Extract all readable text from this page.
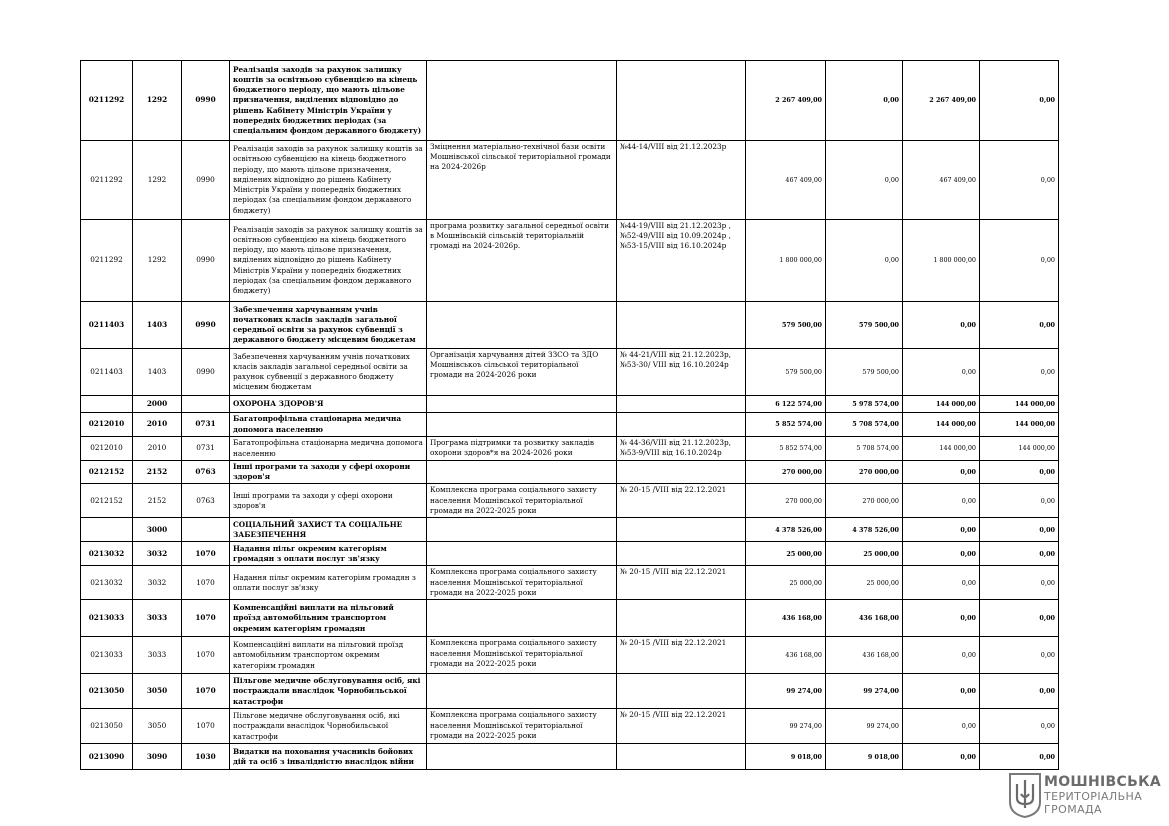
0211292	1292	0990	Реалізація заходів за рахунок залишку коштів за освітньою субвенцією на кінець бюджетного періоду, що мають цільове призначення, виділених відповідно до рішень Кабінету Міністрів України у попередніх бюджетних періодах (за спеціальним фондом державного бюджету)			2 267 409,00	0,00	2 267 409,00	0,00
0211292	1292	0990	Реалізація заходів за рахунок залишку коштів за освітньою субвенцією на кінець бюджетного періоду, що мають цільове призначення, виділених відповідно до рішень Кабінету Міністрів України у попередніх бюджетних періодах (за спеціальним фондом державного бюджету)	Зміцнення матеріально-технічної бази освіти Мошнівської сільської територіальної громади на 2024-2026р	№44-14/VIII від 21.12.2023р	467 409,00	0,00	467 409,00	0,00
0211292	1292	0990	Реалізація заходів за рахунок залишку коштів за освітньою субвенцією на кінець бюджетного періоду, що мають цільове призначення, виділених відповідно до рішень Кабінету Міністрів України у попередніх бюджетних періодах (за спеціальним фондом державного бюджету)	програма розвитку загальної середньої освіти в Мошнівській сільській територіальній громаді на 2024-2026р.	№44-19/VIII від 21.12.2023р ,№52-49/VIII від 10.09.2024р ,№53-15/VIII від 16.10.2024р	1 800 000,00	0,00	1 800 000,00	0,00
0211403	1403	0990	Забезпечення харчуванням учнів початкових класів закладів загальної середньої освіти за рахунок субвенції з державного бюджету місцевим бюджетам			579 500,00	579 500,00	0,00	0,00
0211403	1403	0990	Забезпечення харчуванням учнів початкових класів закладів загальної середньої освіти за рахунок субвенції з державного бюджету місцевим бюджетам	Організація харчування дітей ЗЗСО та ЗДО Мошнівськоъ сільської територіальної громади на 2024-2026 роки	№ 44-21/VIII від 21.12.2023р, №53-30/ VIII від 16.10.2024р	579 500,00	579 500,00	0,00	0,00
	2000		ОХОРОНА ЗДОРОВ'Я			6 122 574,00	5 978 574,00	144 000,00	144 000,00
0212010	2010	0731	Багатопрофільна стаціонарна медична допомога населенню			5 852 574,00	5 708 574,00	144 000,00	144 000,00
0212010	2010	0731	Багатопрофільна стаціонарна медична допомога населенню	Програма підтримки та розвитку закладів охорони здоров*я на 2024-2026 роки	№ 44-36/VIII від 21.12.2023р, №53-9/VIII від 16.10.2024р	5 852 574,00	5 708 574,00	144 000,00	144 000,00
0212152	2152	0763	Інші програми та заходи у сфері охорони здоров'я			270 000,00	270 000,00	0,00	0,00
0212152	2152	0763	Інші програми та заходи у сфері охорони здоров'я	Комплексна програма соціального захисту населення Мошнівської територіальної громади на 2022-2025 роки	№ 20-15 /VIII від 22.12.2021	270 000,00	270 000,00	0,00	0,00
	3000		СОЦІАЛЬНИЙ ЗАХИСТ ТА СОЦІАЛЬНЕ ЗАБЕЗПЕЧЕННЯ			4 378 526,00	4 378 526,00	0,00	0,00
0213032	3032	1070	Надання пільг окремим категоріям громадян з оплати послуг зв'язку			25 000,00	25 000,00	0,00	0,00
0213032	3032	1070	Надання пільг окремим категоріям громадян з оплати послуг зв'язку	Комплексна програма соціального захисту населення Мошнівської територіальної громади на 2022-2025 роки	№ 20-15 /VIII від 22.12.2021	25 000,00	25 000,00	0,00	0,00
0213033	3033	1070	Компенсаційні виплати на пільговий проїзд автомобільним транспортом окремим категоріям громадян			436 168,00	436 168,00	0,00	0,00
0213033	3033	1070	Компенсаційні виплати на пільговий проїзд автомобільним транспортом окремим категоріям громадян	Комплексна програма соціального захисту населення Мошнівської територіальної громади на 2022-2025 роки	№ 20-15 /VIII від 22.12.2021	436 168,00	436 168,00	0,00	0,00
0213050	3050	1070	Пільгове медичне обслуговування осіб, які постраждали внаслідок Чорнобильської катастрофи			99 274,00	99 274,00	0,00	0,00
0213050	3050	1070	Пільгове медичне обслуговування осіб, які постраждали внаслідок Чорнобильської катастрофи	Комплексна програма соціального захисту населення Мошнівської територіальної громади на 2022-2025 роки	№ 20-15 /VIII від 22.12.2021	99 274,00	99 274,00	0,00	0,00
0213090	3090	1030	Видатки на поховання учасників бойових дій та осіб з інвалідністю внаслідок війни			9 018,00	9 018,00	0,00	0,00
МОШНІВСЬКА
ТЕРИТОРІАЛЬНА
ГРОМАДА
